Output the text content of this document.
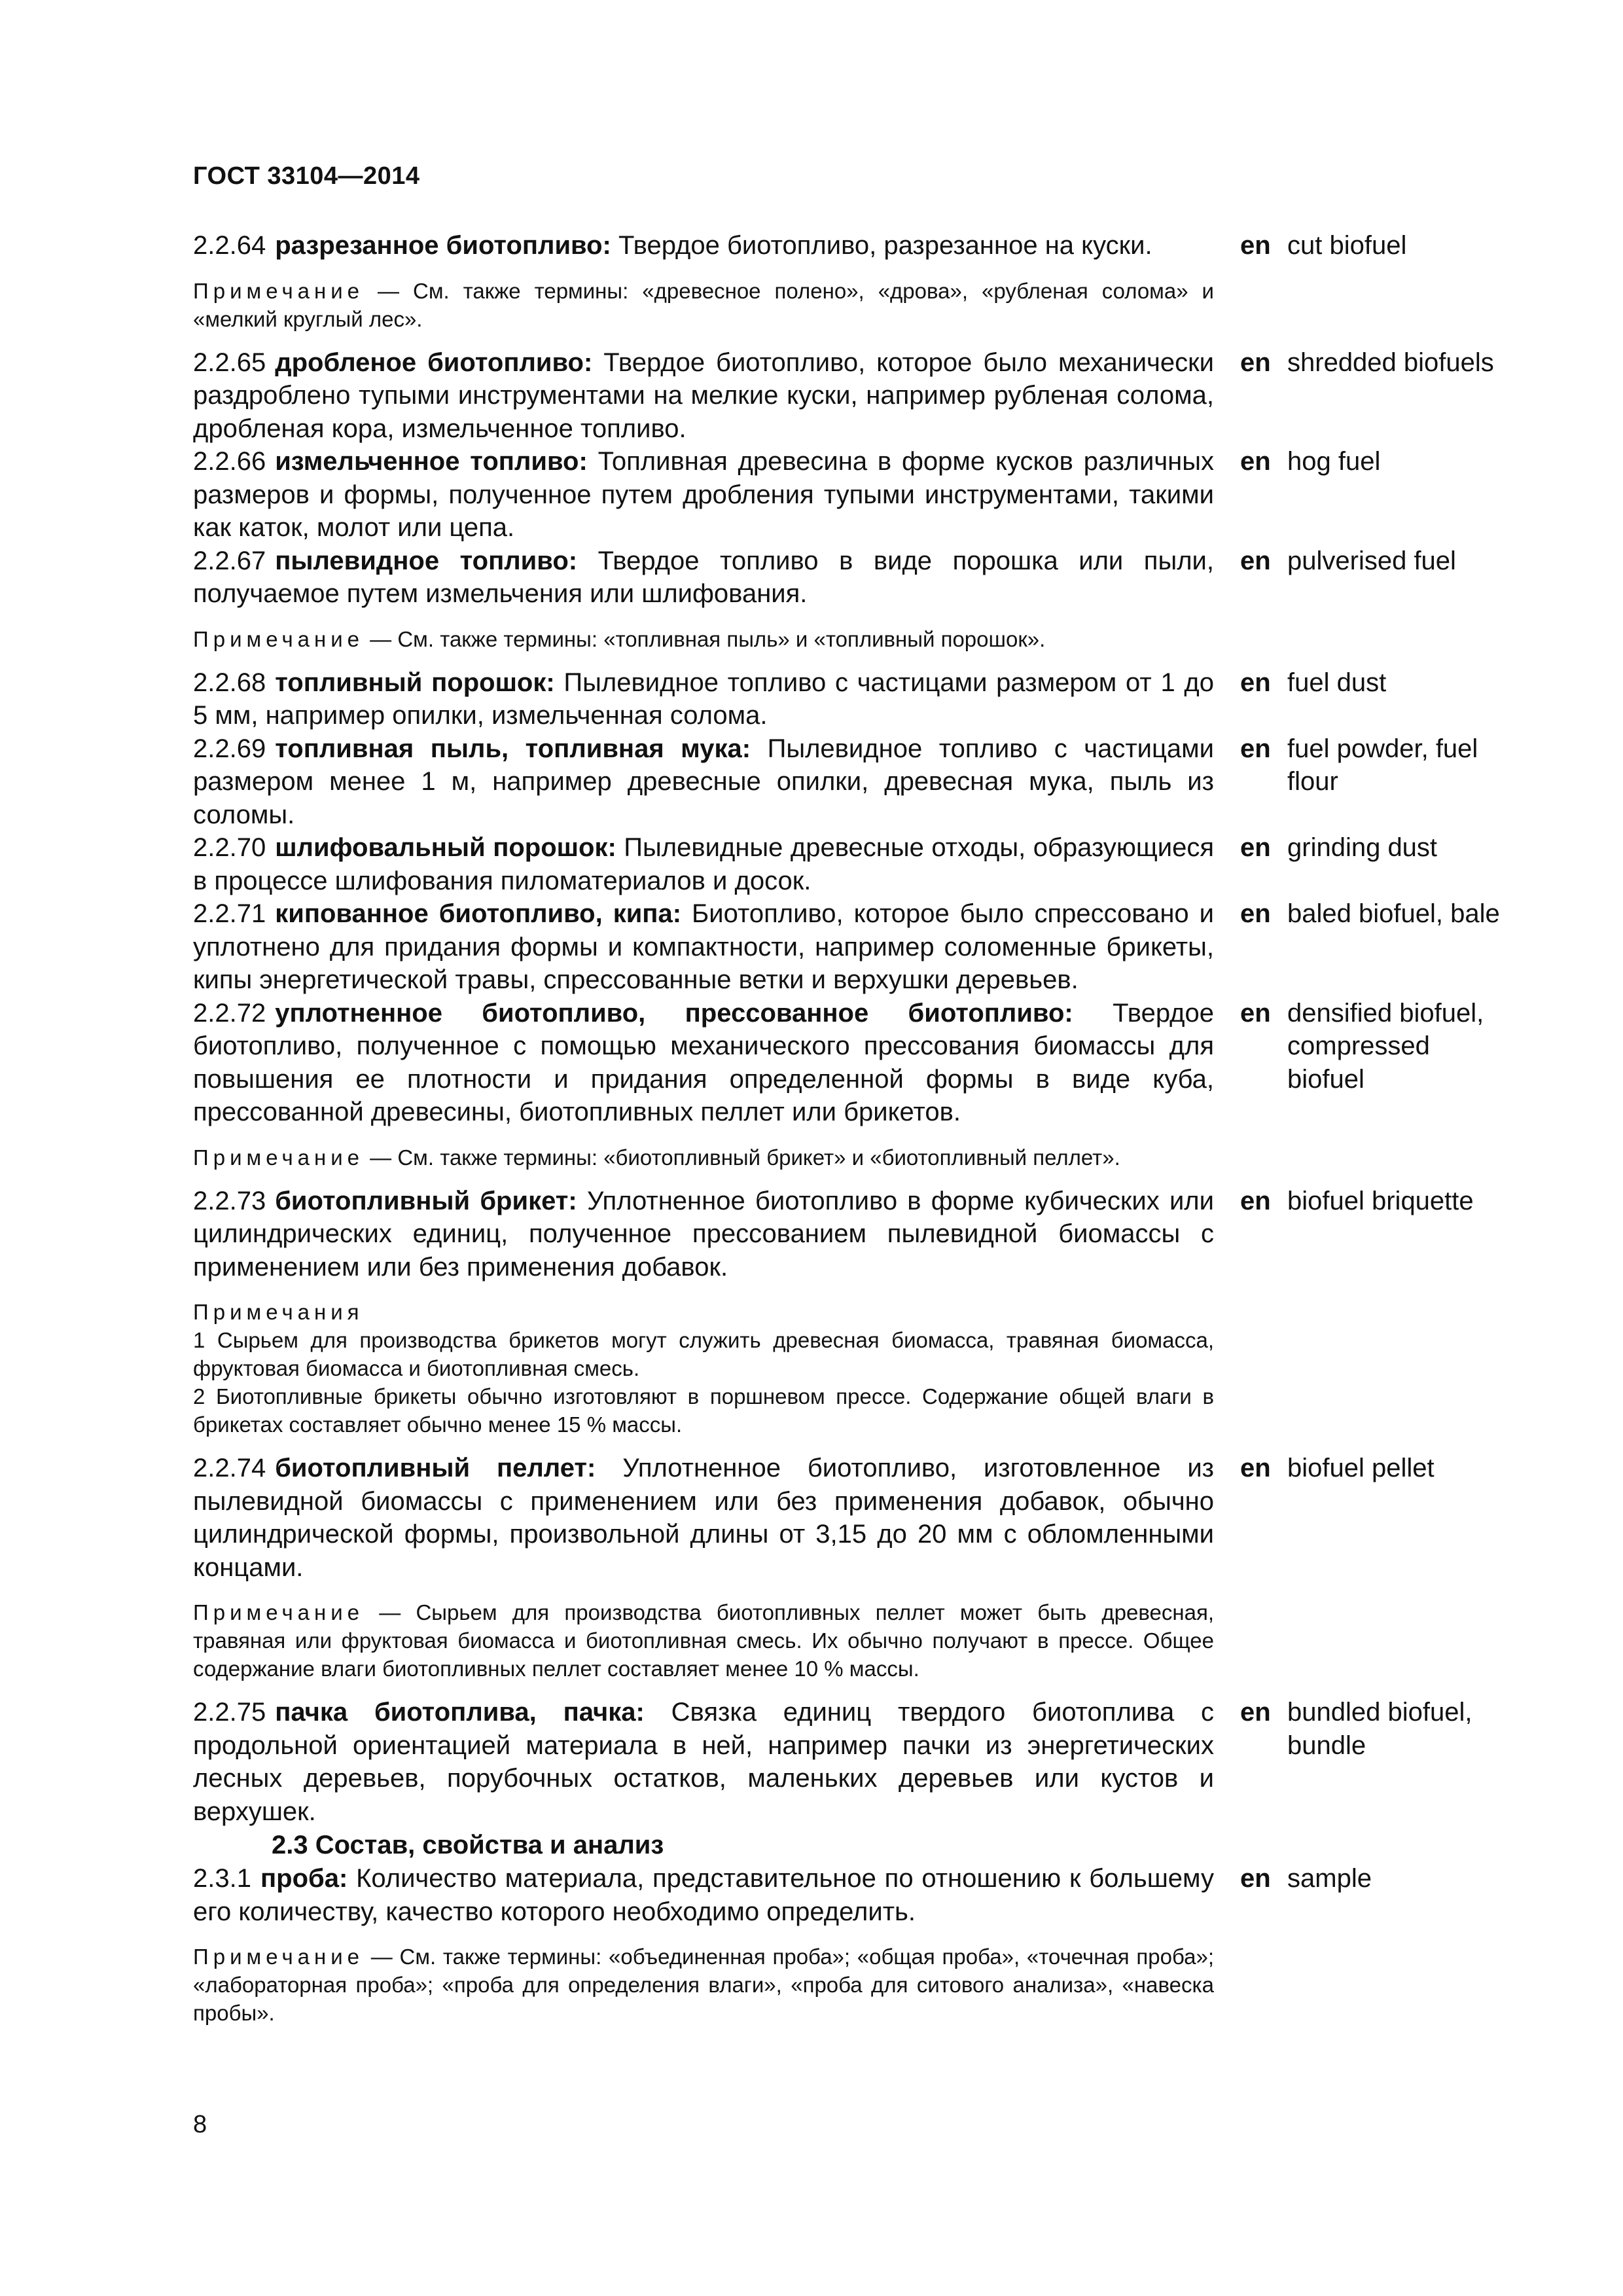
ГОСТ 33104—2014
2.2.64 разрезанное биотопливо: Твердое биотопливо, разрезанное на куски.	en cut biofuel
Примечание — См. также термины: «древесное полено», «дрова», «рубленая солома» и «мелкий круглый лес».
2.2.65 дробленое биотопливо: Твердое биотопливо, которое было механически раздроблено тупыми инструментами на мелкие куски, например рубленая солома, дробленая кора, измельченное топливо.
en shredded biofuels
2.2.66 измельченное топливо: Топливная древесина в форме кусков различных размеров и формы, полученное путем дробления тупыми инструментами, такими как каток, молот или цепа.
en hog fuel
2.2.67 пылевидное топливо: Твердое топливо в виде порошка или пыли, получаемое путем измельчения или шлифования.
en pulverised fuel
Примечание — См. также термины: «топливная пыль» и «топливный порошок».
2.2.68 топливный порошок: Пылевидное топливо с частицами размером от 1 до 5 мм, например опилки, измельченная солома.
en fuel dust
2.2.69 топливная пыль, топливная мука: Пылевидное топливо с частицами размером менее 1 м, например древесные опилки, древесная мука, пыль из соломы.
en fuel powder, fuel flour
2.2.70 шлифовальный порошок: Пылевидные древесные отходы, образующиеся в процессе шлифования пиломатериалов и досок.
en grinding dust
2.2.71 кипованное биотопливо, кипа: Биотопливо, которое было спрессовано и уплотнено для придания формы и компактности, например соломенные брикеты, кипы энергетической травы, спрессованные ветки и верхушки деревьев.
en baled biofuel, bale
2.2.72 уплотненное биотопливо, прессованное биотопливо: Твердое биотопливо, полученное с помощью механического прессования биомассы для повышения ее плотности и придания определенной формы в виде куба, прессованной древесины, биотопливных пеллет или брикетов.
en densified biofuel, compressed biofuel
Примечание — См. также термины: «биотопливный брикет» и «биотопливный пеллет».
2.2.73 биотопливный брикет: Уплотненное биотопливо в форме кубических или цилиндрических единиц, полученное прессованием пылевидной биомассы с применением или без применения добавок.
en biofuel briquette
Примечания

1 Сырьем для производства брикетов могут служить древесная биомасса, травяная биомасса, фруктовая биомасса и биотопливная смесь.

2 Биотопливные брикеты обычно изготовляют в поршневом прессе. Содержание общей влаги в брикетах составляет обычно менее 15 % массы.

2.2.74 биотопливный пеллет: Уплотненное биотопливо, изготовленное из пылевидной биомассы с применением или без применения добавок, обычно цилиндрической формы, произвольной длины от 3,15 до 20 мм с обломленными концами.
en biofuel pellet
Примечание — Сырьем для производства биотопливных пеллет может быть древесная, травяная или фруктовая биомасса и биотопливная смесь. Их обычно получают в прессе. Общее содержание влаги биотопливных пеллет составляет менее 10 % массы.
2.2.75 пачка биотоплива, пачка: Связка единиц твердого биотоплива с продольной ориентацией материала в ней, например пачки из энергетических лесных деревьев, порубочных остатков, маленьких деревьев или кустов и верхушек.
en bundled biofuel, bundle
2.3 Состав, свойства и анализ
2.3.1 проба: Количество материала, представительное по отношению к большему его количеству, качество которого необходимо определить.
en sample
Примечание — См. также термины: «объединенная проба»; «общая проба», «точечная проба»; «лабораторная проба»; «проба для определения влаги», «проба для ситового анализа», «навеска пробы».
8
